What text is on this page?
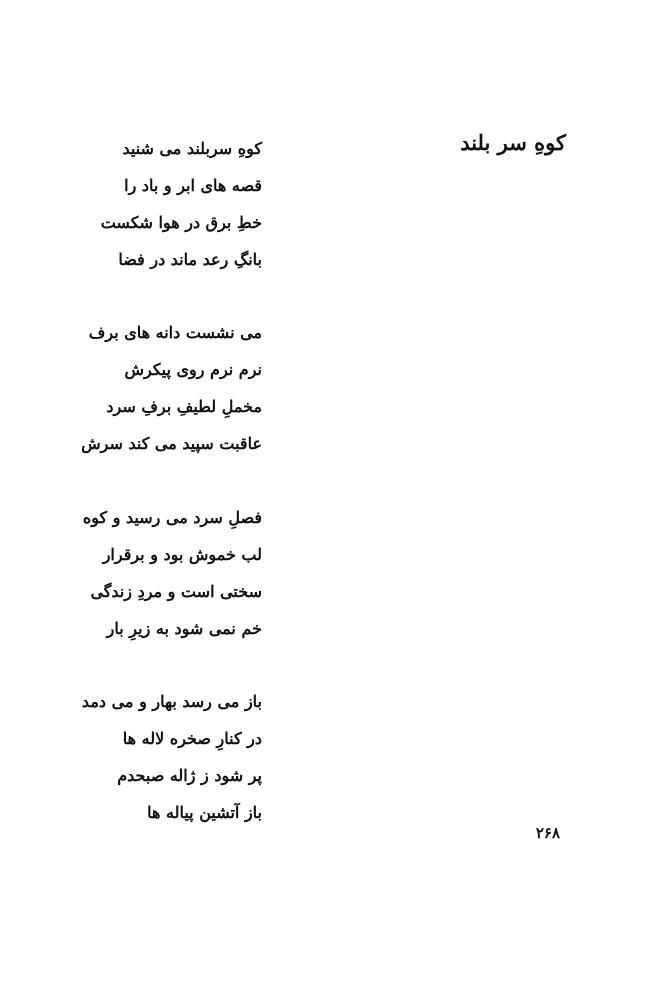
کوهِ سر بلند
کوهِ سربلند می شنید
قصه های ابر و باد را
خطِ برق در هوا شکست
بانگِ رعد ماند در فضا
می نشست دانه های برف
نرم نرم روی پیکرش
مخملِ لطیفِ برفِ سرد
عاقبت سپید می کند سرش
فصلِ سرد می رسید و کوه
لب خموش بود و برقرار
سختی است و مردِ زندگی
خم نمی شود به زیرِ بار
باز می رسد بهار و می دمد
در کنارِ صخره لاله ها
پر شود ز ژاله صبحدم
باز آتشین پیاله ها
۲۶۸
